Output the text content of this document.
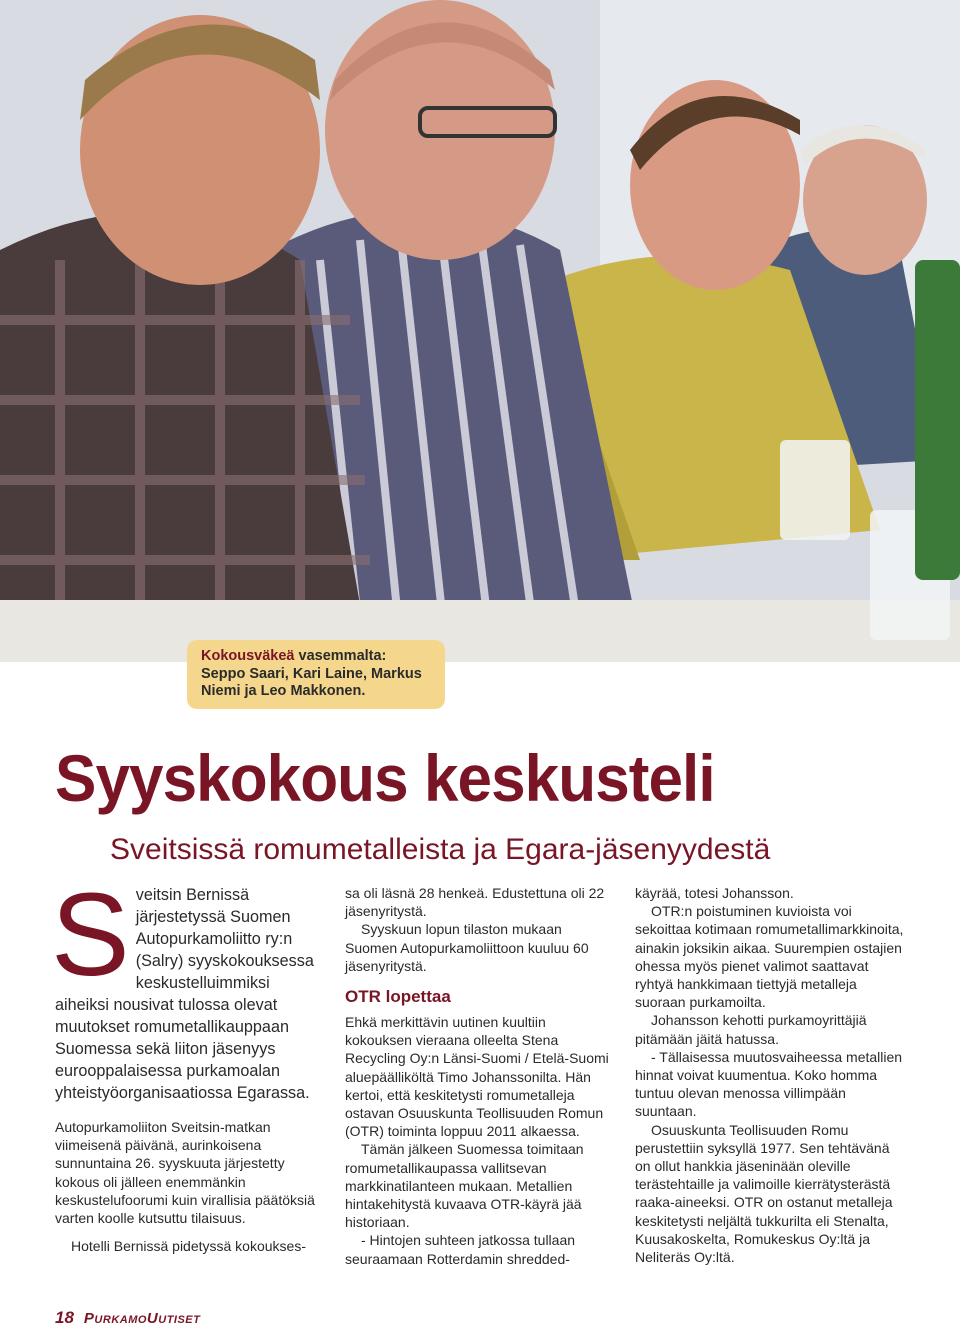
Kokousväkeä vasemmalta: Seppo Saari, Kari Laine, Markus Niemi ja Leo Makkonen.
Syyskokous keskusteli
Sveitsissä romumetalleista ja Egara-jäsenyydestä

Sveitsin Bernissä järjestetyssä Suomen Autopurkamoliitto ry:n (Salry) syyskokouksessa keskustelluimmiksi aiheiksi nousivat tulossa olevat muutokset romumetallikauppaan Suomessa sekä liiton jäsenyys eurooppalaisessa purkamoalan yhteistyöorganisaatiossa Egarassa.

Autopurkamoliiton Sveitsin-matkan viimeisenä päivänä, aurinkoisena sunnuntaina 26. syyskuuta järjestetty kokous oli jälleen enemmänkin keskustelufoorumi kuin virallisia päätöksiä varten koolle kutsuttu tilaisuus.

Hotelli Bernissä pidetyssä kokoukses-

sa oli läsnä 28 henkeä. Edustettuna oli 22 jäsenyritystä.

Syyskuun lopun tilaston mukaan Suomen Autopurkamoliittoon kuuluu 60 jäsenyritystä.

OTR lopettaa

Ehkä merkittävin uutinen kuultiin kokouksen vieraana olleelta Stena Recycling Oy:n Länsi-Suomi / Etelä-Suomi aluepäälliköltä Timo Johanssonilta. Hän kertoi, että keskitetysti romumetalleja ostavan Osuuskunta Teollisuuden Romun (OTR) toiminta loppuu 2011 alkaessa.

Tämän jälkeen Suomessa toimitaan romumetallikaupassa vallitsevan markkinatilanteen mukaan. Metallien hintakehitystä kuvaava OTR-käyrä jää historiaan.

- Hintojen suhteen jatkossa tullaan seuraamaan Rotterdamin shredded-

käyrää, totesi Johansson.

OTR:n poistuminen kuvioista voi sekoittaa kotimaan romumetallimarkkinoita, ainakin joksikin aikaa. Suurempien ostajien ohessa myös pienet valimot saattavat ryhtyä hankkimaan tiettyjä metalleja suoraan purkamoilta.

Johansson kehotti purkamoyrittäjiä pitämään jäitä hatussa.

- Tällaisessa muutosvaiheessa metallien hinnat voivat kuumentua. Koko homma tuntuu olevan menossa villimpään suuntaan.

Osuuskunta Teollisuuden Romu perustettiin syksyllä 1977. Sen tehtävänä on ollut hankkia jäseninään oleville terästehtaille ja valimoille kierrätysterästä raaka-aineeksi. OTR on ostanut metalleja keskitetysti neljältä tukkurilta eli Stenalta, Kuusakoskelta, Romukeskus Oy:ltä ja Neliteräs Oy:ltä.

18 PurkamoUutiset
